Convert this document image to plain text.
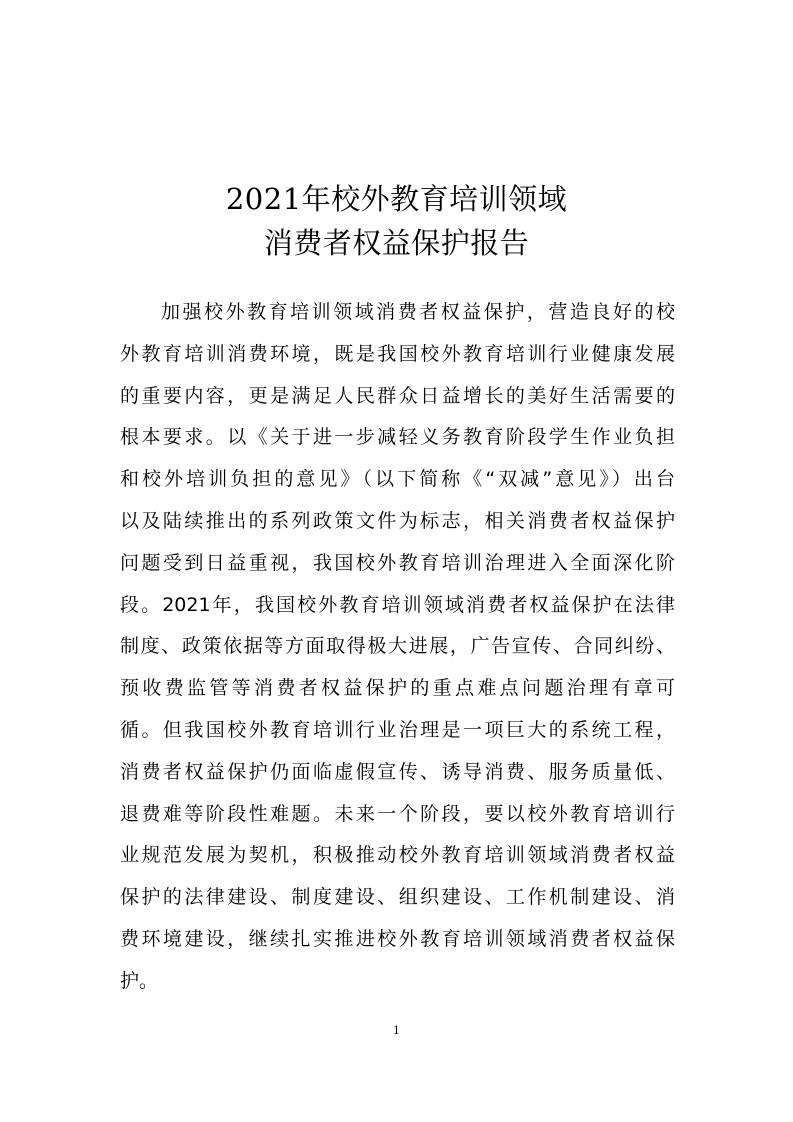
2021年校外教育培训领域
消费者权益保护报告
加强校外教育培训领域消费者权益保护，营造良好的校
外教育培训消费环境，既是我国校外教育培训行业健康发展
的重要内容，更是满足人民群众日益增长的美好生活需要的
根本要求。以《关于进一步减轻义务教育阶段学生作业负担
和校外培训负担的意见》（以下简称《“双减”意见》）出台
以及陆续推出的系列政策文件为标志，相关消费者权益保护
问题受到日益重视，我国校外教育培训治理进入全面深化阶
段。2021年，我国校外教育培训领域消费者权益保护在法律
制度、政策依据等方面取得极大进展，广告宣传、合同纠纷、
预收费监管等消费者权益保护的重点难点问题治理有章可
循。但我国校外教育培训行业治理是一项巨大的系统工程，
消费者权益保护仍面临虚假宣传、诱导消费、服务质量低、
退费难等阶段性难题。未来一个阶段，要以校外教育培训行
业规范发展为契机，积极推动校外教育培训领域消费者权益
保护的法律建设、制度建设、组织建设、工作机制建设、消
费环境建设，继续扎实推进校外教育培训领域消费者权益保
护。
1
